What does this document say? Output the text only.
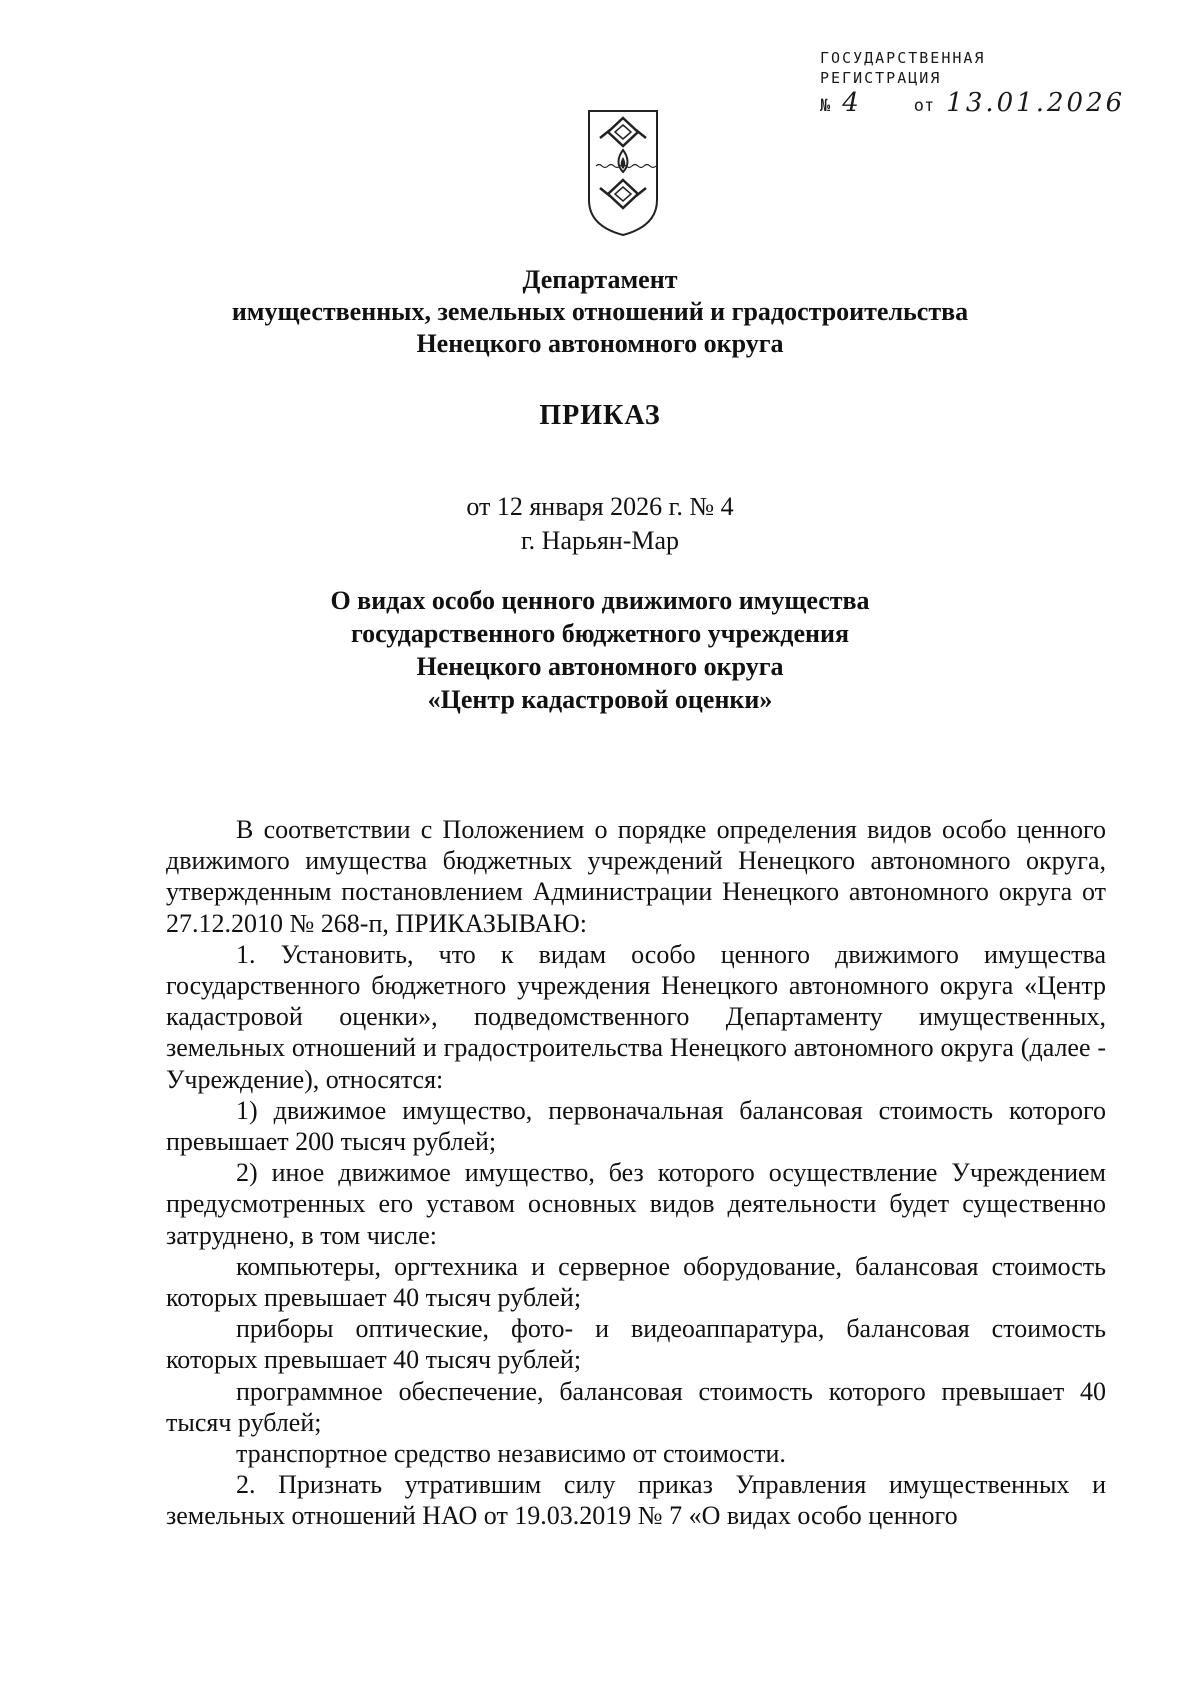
ГОСУДАРСТВЕННАЯ
РЕГИСТРАЦИЯ
№ 4	от 13.01.2026
Департамент
имущественных, земельных отношений и градостроительства
Ненецкого автономного округа
ПРИКАЗ
от 12 января 2026 г. № 4
г. Нарьян-Мар
О видах особо ценного движимого имущества
государственного бюджетного учреждения
Ненецкого автономного округа
«Центр кадастровой оценки»

В соответствии с Положением о порядке определения видов особо ценного движимого имущества бюджетных учреждений Ненецкого автономного округа, утвержденным постановлением Администрации Ненецкого автономного округа от 27.12.2010 № 268-п, ПРИКАЗЫВАЮ:

1. Установить, что к видам особо ценного движимого имущества государственного бюджетного учреждения Ненецкого автономного округа «Центр кадастровой оценки», подведомственного Департаменту имущественных, земельных отношений и градостроительства Ненецкого автономного округа (далее - Учреждение), относятся:

1) движимое имущество, первоначальная балансовая стоимость которого превышает 200 тысяч рублей;

2) иное движимое имущество, без которого осуществление Учреждением предусмотренных его уставом основных видов деятельности будет существенно затруднено, в том числе:

компьютеры, оргтехника и серверное оборудование, балансовая стоимость которых превышает 40 тысяч рублей;

приборы оптические, фото- и видеоаппаратура, балансовая стоимость которых превышает 40 тысяч рублей;

программное обеспечение, балансовая стоимость которого превышает 40 тысяч рублей;

транспортное средство независимо от стоимости.

2. Признать утратившим силу приказ Управления имущественных и земельных отношений НАО от 19.03.2019 № 7 «О видах особо ценного
